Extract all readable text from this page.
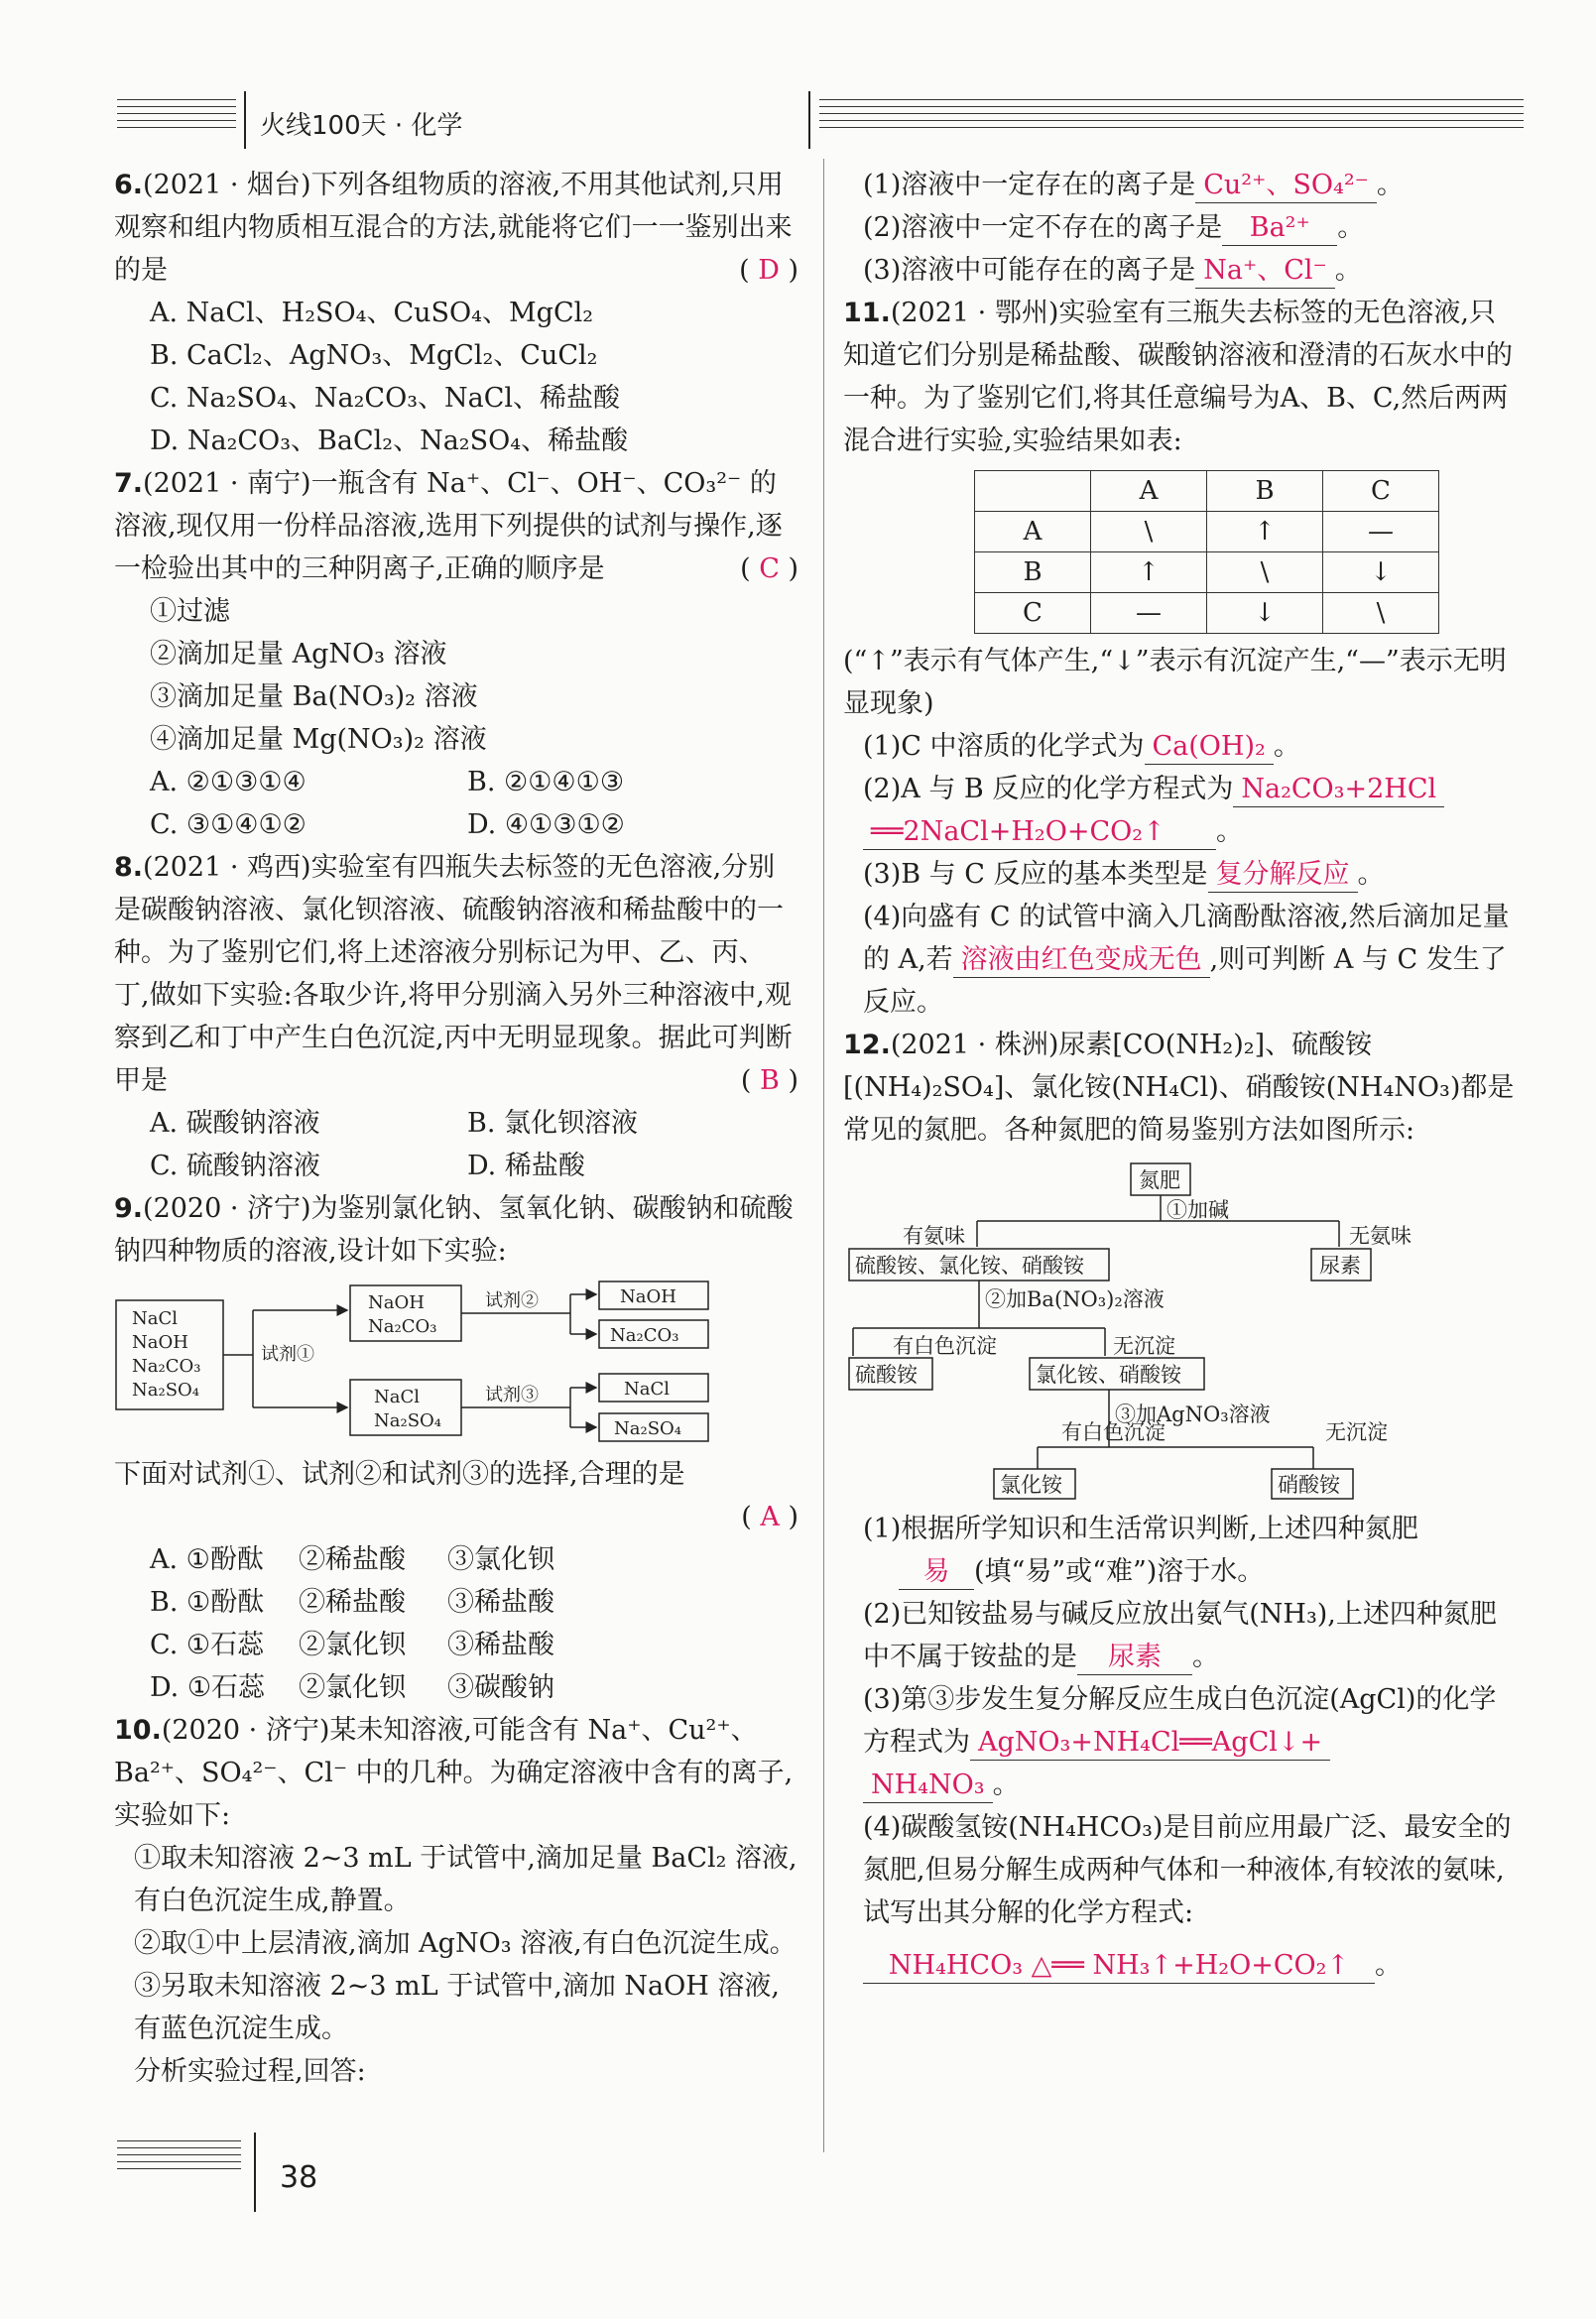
火线100天 · 化学

6.(2021 · 烟台)下列各组物质的溶液,不用其他试剂,只用观察和组内物质相互混合的方法,就能将它们一一鉴别出来的是	( D )

A. NaCl、H₂SO₄、CuSO₄、MgCl₂

B. CaCl₂、AgNO₃、MgCl₂、CuCl₂

C. Na₂SO₄、Na₂CO₃、NaCl、稀盐酸

D. Na₂CO₃、BaCl₂、Na₂SO₄、稀盐酸

7.(2021 · 南宁)一瓶含有 Na⁺、Cl⁻、OH⁻、CO₃²⁻ 的溶液,现仅用一份样品溶液,选用下列提供的试剂与操作,逐一检验出其中的三种阴离子,正确的顺序是	( C )

①过滤

②滴加足量 AgNO₃ 溶液

③滴加足量 Ba(NO₃)₂ 溶液

④滴加足量 Mg(NO₃)₂ 溶液

A. ②①③①④	B. ②①④①③
C. ③①④①②	D. ④①③①②

8.(2021 · 鸡西)实验室有四瓶失去标签的无色溶液,分别是碳酸钠溶液、氯化钡溶液、硫酸钠溶液和稀盐酸中的一种。为了鉴别它们,将上述溶液分别标记为甲、乙、丙、丁,做如下实验:各取少许,将甲分别滴入另外三种溶液中,观察到乙和丁中产生白色沉淀,丙中无明显现象。据此可判断甲是	( B )

A. 碳酸钠溶液	B. 氯化钡溶液
C. 硫酸钠溶液	D. 稀盐酸

9.(2020 · 济宁)为鉴别氯化钠、氢氧化钠、碳酸钠和硫酸钠四种物质的溶液,设计如下实验:

NaCl
NaOH
Na₂CO₃
Na₂SO₄
试剂①
NaOH
Na₂CO₃
NaCl
Na₂SO₄
试剂②
试剂③
NaOH
Na₂CO₃
NaCl
Na₂SO₄

下面对试剂①、试剂②和试剂③的选择,合理的是

( A )

A. ①酚酞	②稀盐酸	③氯化钡
B. ①酚酞	②稀盐酸	③稀盐酸
C. ①石蕊	②氯化钡	③稀盐酸
D. ①石蕊	②氯化钡	③碳酸钠

10.(2020 · 济宁)某未知溶液,可能含有 Na⁺、Cu²⁺、Ba²⁺、SO₄²⁻、Cl⁻ 中的几种。为确定溶液中含有的离子,实验如下:

①取未知溶液 2~3 mL 于试管中,滴加足量 BaCl₂ 溶液,有白色沉淀生成,静置。

②取①中上层清液,滴加 AgNO₃ 溶液,有白色沉淀生成。

③另取未知溶液 2~3 mL 于试管中,滴加 NaOH 溶液,有蓝色沉淀生成。

分析实验过程,回答:

(1)溶液中一定存在的离子是 Cu²⁺、SO₄²⁻ 。

(2)溶液中一定不存在的离子是 Ba²⁺ 。

(3)溶液中可能存在的离子是 Na⁺、Cl⁻ 。

11.(2021 · 鄂州)实验室有三瓶失去标签的无色溶液,只知道它们分别是稀盐酸、碳酸钠溶液和澄清的石灰水中的一种。为了鉴别它们,将其任意编号为A、B、C,然后两两混合进行实验,实验结果如表:

	A	B	C
A	\	↑	—
B	↑	\	↓
C	—	↓	\

(“↑”表示有气体产生,“↓”表示有沉淀产生,“—”表示无明显现象)

(1)C 中溶质的化学式为 Ca(OH)₂ 。

(2)A 与 B 反应的化学方程式为 Na₂CO₃+2HCl

══2NaCl+H₂O+CO₂↑ 。

(3)B 与 C 反应的基本类型是 复分解反应 。

(4)向盛有 C 的试管中滴入几滴酚酞溶液,然后滴加足量的 A,若 溶液由红色变成无色 ,则可判断 A 与 C 发生了反应。

12.(2021 · 株洲)尿素[CO(NH₂)₂]、硫酸铵[(NH₄)₂SO₄]、氯化铵(NH₄Cl)、硝酸铵(NH₄NO₃)都是常见的氮肥。各种氮肥的简易鉴别方法如图所示:

氮肥
①加碱
有氨味	无氨味
硫酸铵、氯化铵、硝酸铵	尿素
②加Ba(NO₃)₂溶液
有白色沉淀	无沉淀
硫酸铵	氯化铵、硝酸铵
③加AgNO₃溶液
有白色沉淀	无沉淀
氯化铵	硝酸铵

(1)根据所学知识和生活常识判断,上述四种氮肥

易 (填“易”或“难”)溶于水。

(2)已知铵盐易与碱反应放出氨气(NH₃),上述四种氮肥中不属于铵盐的是 尿素 。

(3)第③步发生复分解反应生成白色沉淀(AgCl)的化学方程式为 AgNO₃+NH₄Cl══AgCl↓+

NH₄NO₃ 。

(4)碳酸氢铵(NH₄HCO₃)是目前应用最广泛、最安全的氮肥,但易分解生成两种气体和一种液体,有较浓的氨味,试写出其分解的化学方程式:

NH₄HCO₃ △══ NH₃↑+H₂O+CO₂↑ 。

38
